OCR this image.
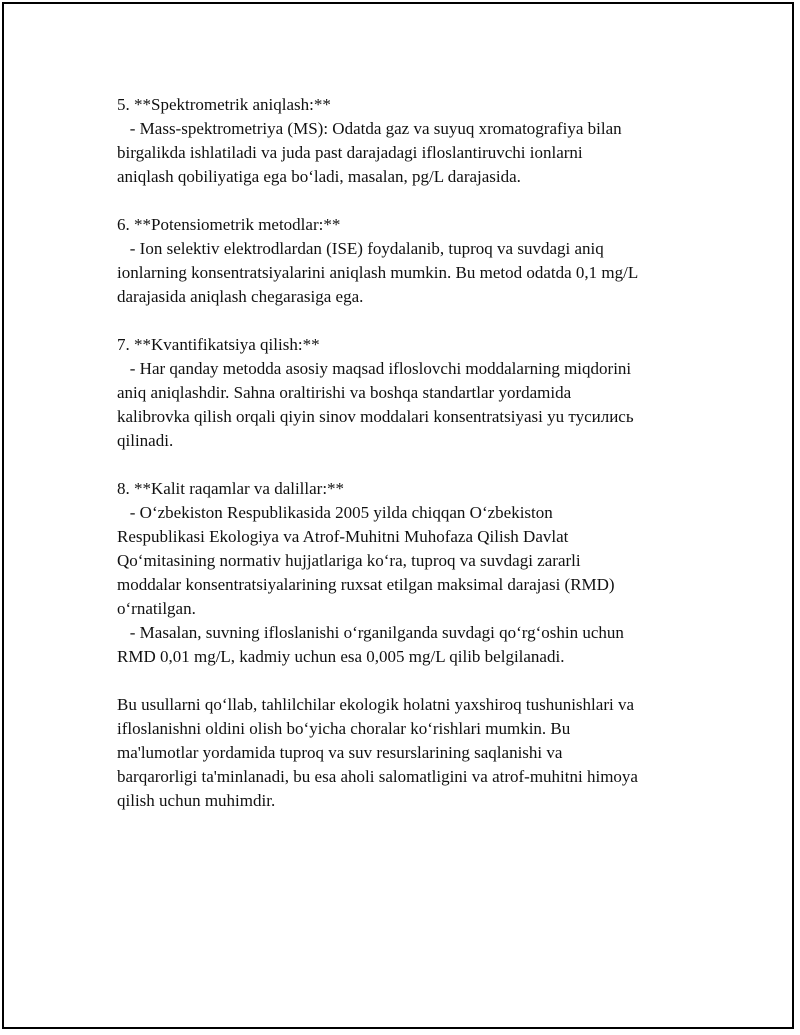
5. **Spektrometrik aniqlash:**
- Mass-spektrometriya (MS): Odatda gaz va suyuq xromatografiya bilan
birgalikda ishlatiladi va juda past darajadagi ifloslantiruvchi ionlarni
aniqlash qobiliyatiga ega bo‘ladi, masalan, pg/L darajasida.
6. **Potensiometrik metodlar:**
- Ion selektiv elektrodlardan (ISE) foydalanib, tuproq va suvdagi aniq
ionlarning konsentratsiyalarini aniqlash mumkin. Bu metod odatda 0,1 mg/L
darajasida aniqlash chegarasiga ega.
7. **Kvantifikatsiya qilish:**
- Har qanday metodda asosiy maqsad ifloslovchi moddalarning miqdorini
aniq aniqlashdir. Sahna oraltirishi va boshqa standartlar yordamida
kalibrovka qilish orqali qiyin sinov moddalari konsentratsiyasi yu тусились
qilinadi.
8. **Kalit raqamlar va dalillar:**
- O‘zbekiston Respublikasida 2005 yilda chiqqan O‘zbekiston
Respublikasi Ekologiya va Atrof-Muhitni Muhofaza Qilish Davlat
Qo‘mitasining normativ hujjatlariga ko‘ra, tuproq va suvdagi zararli
moddalar konsentratsiyalarining ruxsat etilgan maksimal darajasi (RMD)
o‘rnatilgan.
- Masalan, suvning ifloslanishi o‘rganilganda suvdagi qo‘rg‘oshin uchun
RMD 0,01 mg/L, kadmiy uchun esa 0,005 mg/L qilib belgilanadi.
Bu usullarni qo‘llab, tahlilchilar ekologik holatni yaxshiroq tushunishlari va
ifloslanishni oldini olish bo‘yicha choralar ko‘rishlari mumkin. Bu
ma'lumotlar yordamida tuproq va suv resurslarining saqlanishi va
barqarorligi ta'minlanadi, bu esa aholi salomatligini va atrof-muhitni himoya
qilish uchun muhimdir.
